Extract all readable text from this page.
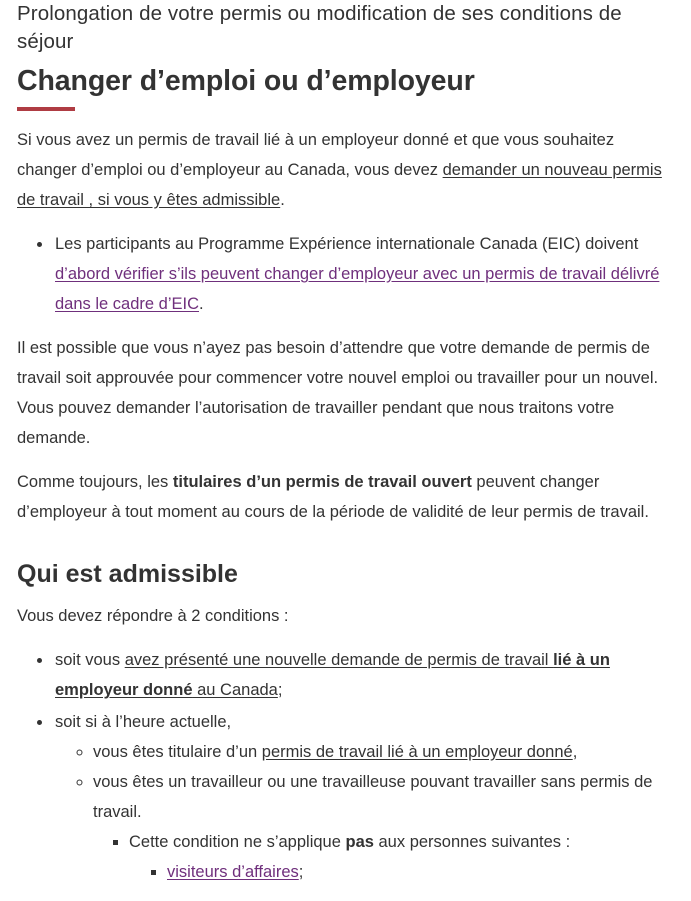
Prolongation de votre permis ou modification de ses conditions de séjour
Changer d’emploi ou d’employeur

Si vous avez un permis de travail lié à un employeur donné et que vous souhaitez changer d’emploi ou d’employeur au Canada, vous devez demander un nouveau permis de travail , si vous y êtes admissible.

• Les participants au Programme Expérience internationale Canada (EIC) doivent d’abord vérifier s’ils peuvent changer d’employeur avec un permis de travail délivré dans le cadre d’EIC.

Il est possible que vous n’ayez pas besoin d’attendre que votre demande de permis de travail soit approuvée pour commencer votre nouvel emploi ou travailler pour un nouvel. Vous pouvez demander l’autorisation de travailler pendant que nous traitons votre demande.

Comme toujours, les titulaires d’un permis de travail ouvert peuvent changer d’employeur à tout moment au cours de la période de validité de leur permis de travail.

Qui est admissible

Vous devez répondre à 2 conditions :

• soit vous avez présenté une nouvelle demande de permis de travail lié à un employeur donné au Canada;
• soit si à l’heure actuelle,
◦ vous êtes titulaire d’un permis de travail lié à un employeur donné,
◦ vous êtes un travailleur ou une travailleuse pouvant travailler sans permis de travail.
▪ Cette condition ne s’applique pas aux personnes suivantes :
▪ visiteurs d’affaires;
